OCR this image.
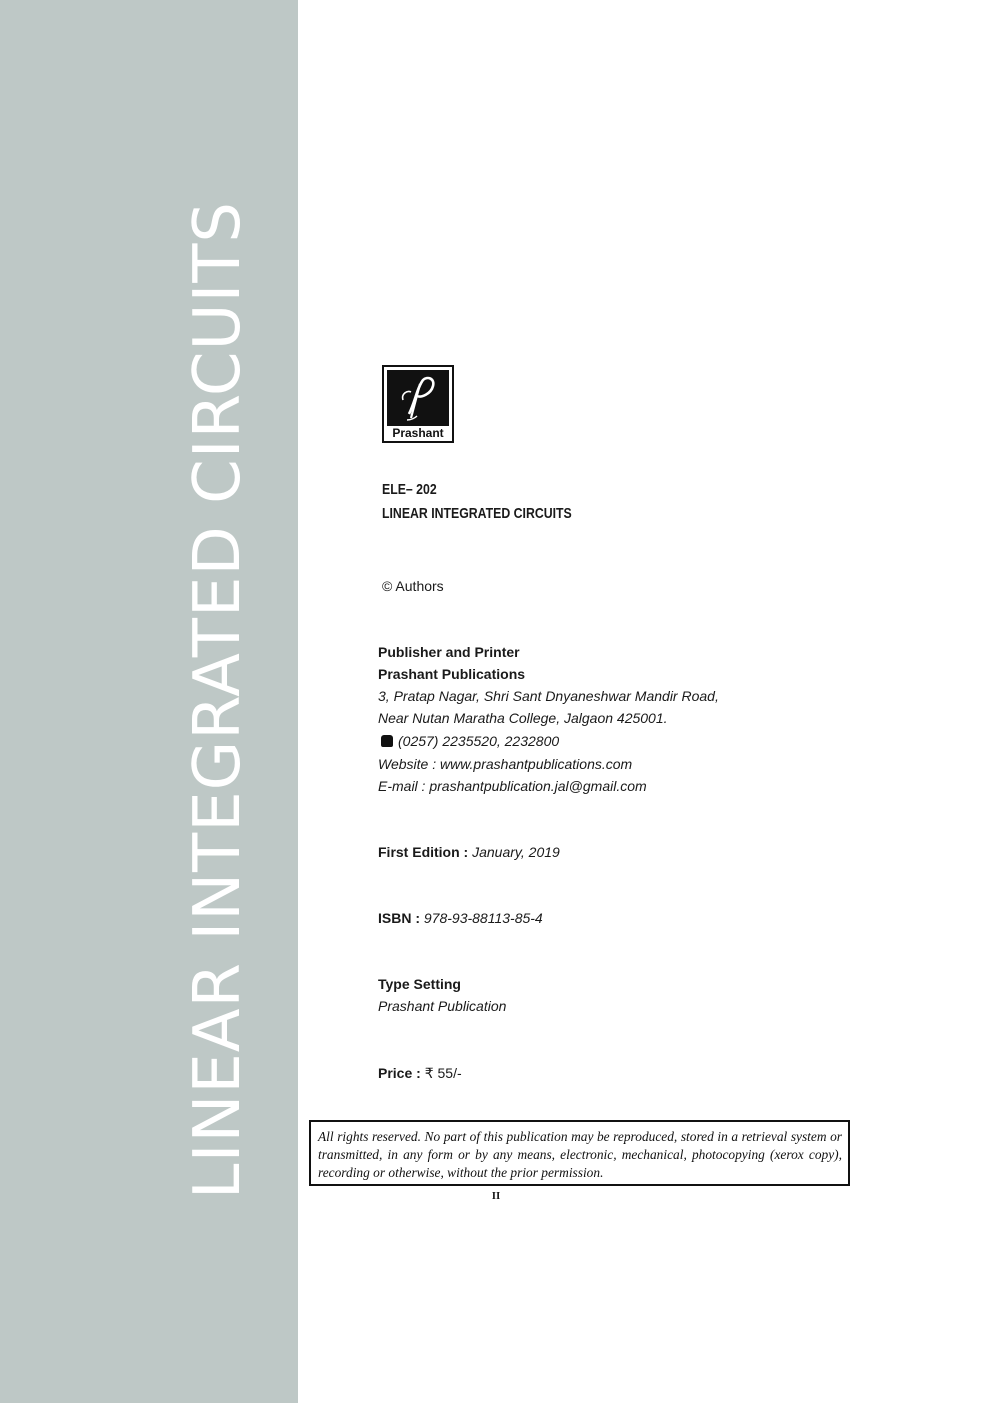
LINEAR INTEGRATED CIRCUITS	Prashant
ELE– 202
LINEAR INTEGRATED CIRCUITS
© Authors
Publisher and Printer
Prashant Publications
3, Pratap Nagar, Shri Sant Dnyaneshwar Mandir Road,
Near Nutan Maratha College, Jalgaon 425001.
(0257) 2235520, 2232800
Website : www.prashantpublications.com
E-mail : prashantpublication.jal@gmail.com
First Edition : January, 2019
ISBN : 978-93-88113-85-4
Type Setting
Prashant Publication
Price : ₹ 55/-
All rights reserved. No part of this publication may be reproduced, stored in a retrieval system or transmitted, in any form or by any means, electronic, mechanical, photocopying (xerox copy), recording or otherwise, without the prior permission.
II
